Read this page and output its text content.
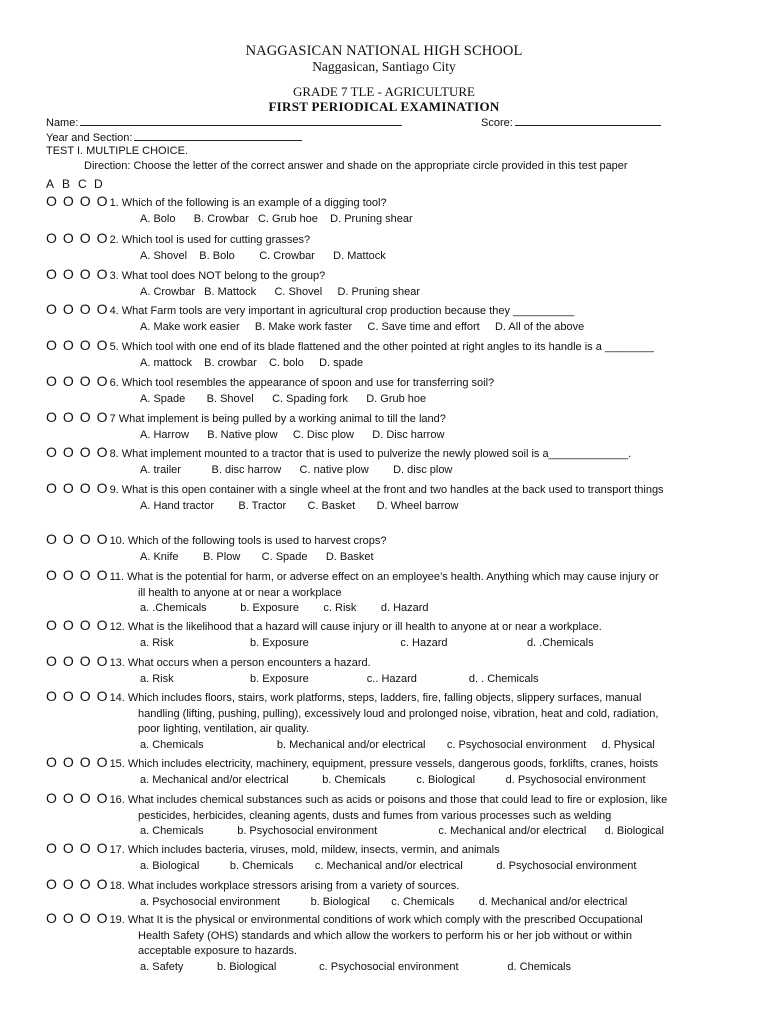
NAGGASICAN NATIONAL HIGH SCHOOL
Naggasican, Santiago City
GRADE 7 TLE - AGRICULTURE
FIRST PERIODICAL EXAMINATION
Name:	Score:
Year and Section:
TEST I. MULTIPLE CHOICE.
Direction: Choose the letter of the correct answer and shade on the appropriate circle provided in this test paper
A B C D
O O O O 1. Which of the following is an example of a digging tool?
A. Bolo      B. Crowbar   C. Grub hoe    D. Pruning shear
O O O O 2. Which tool is used for cutting grasses?
A. Shovel    B. Bolo        C. Crowbar      D. Mattock
O O O O 3. What tool does NOT belong to the group?
A. Crowbar   B. Mattock      C. Shovel     D. Pruning shear
O O O O 4. What Farm tools are very important in agricultural crop production because they __________
A. Make work easier     B. Make work faster     C. Save time and effort     D. All of the above
O O O O 5. Which tool with one end of its blade flattened and the other pointed at right angles to its handle is a ________
A. mattock    B. crowbar    C. bolo     D. spade
O O O O 6. Which tool resembles the appearance of spoon and use for transferring soil?
A. Spade       B. Shovel      C. Spading fork      D. Grub hoe
O O O O 7 What implement is being pulled by a working animal to till the land?
A. Harrow      B. Native plow     C. Disc plow      D. Disc harrow
O O O O 8. What implement mounted to a tractor that is used to pulverize the newly plowed soil is a_____________.
A. trailer          B. disc harrow      C. native plow        D. disc plow
O O O O 9. What is this open container with a single wheel at the front and two handles at the back used to transport things
A. Hand tractor        B. Tractor       C. Basket       D. Wheel barrow
O O O O 10. Which of the following tools is used to harvest crops?
A. Knife        B. Plow       C. Spade      D. Basket
O O O O 11. What is the potential for harm, or adverse effect on an employee’s health. Anything which may cause injury or
ill health to anyone at or near a workplace
a. .Chemicals           b. Exposure        c. Risk        d. Hazard
O O O O 12. What is the likelihood that a hazard will cause injury or ill health to anyone at or near a workplace.
a. Risk                         b. Exposure                              c. Hazard                          d. .Chemicals
O O O O 13. What occurs when a person encounters a hazard.
a. Risk                         b. Exposure                   c.. Hazard                 d. . Chemicals
O O O O 14. Which includes floors, stairs, work platforms, steps, ladders, fire, falling objects, slippery surfaces, manual
handling (lifting, pushing, pulling), excessively loud and prolonged noise, vibration, heat and cold, radiation,
poor lighting, ventilation, air quality.
a. Chemicals                        b. Mechanical and/or electrical       c. Psychosocial environment     d. Physical
O O O O 15. Which includes electricity, machinery, equipment, pressure vessels, dangerous goods, forklifts, cranes, hoists
a. Mechanical and/or electrical           b. Chemicals          c. Biological          d. Psychosocial environment
O O O O 16. What includes chemical substances such as acids or poisons and those that could lead to fire or explosion, like
pesticides, herbicides, cleaning agents, dusts and fumes from various processes such as welding
a. Chemicals           b. Psychosocial environment                    c. Mechanical and/or electrical      d. Biological
O O O O 17. Which includes bacteria, viruses, mold, mildew, insects, vermin, and animals
a. Biological          b. Chemicals       c. Mechanical and/or electrical           d. Psychosocial environment
O O O O 18. What includes workplace stressors arising from a variety of sources.
a. Psychosocial environment          b. Biological       c. Chemicals        d. Mechanical and/or electrical
O O O O 19. What It is the physical or environmental conditions of work which comply with the prescribed Occupational
Health Safety (OHS) standards and which allow the workers to perform his or her job without or within
acceptable exposure to hazards.
a. Safety           b. Biological              c. Psychosocial environment                d. Chemicals
